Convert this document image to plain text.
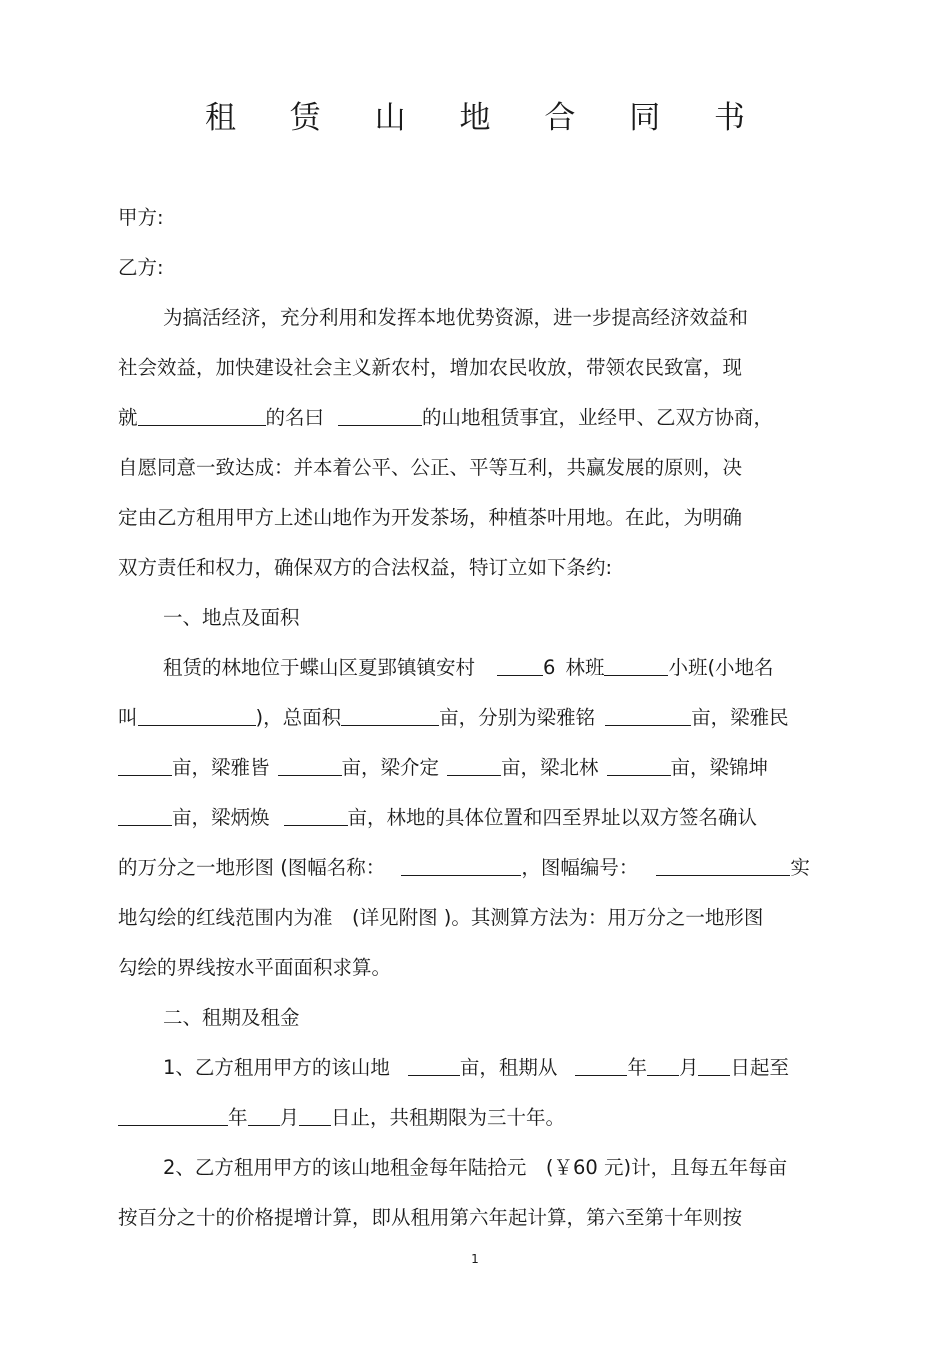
租 赁 山 地 合 同 书
甲方:
乙方:
为搞活经济，充分利用和发挥本地优势资源，进一步提高经济效益和
社会效益，加快建设社会主义新农村，增加农民收放，带领农民致富，现
就	的名曰	的山地租赁事宜，业经甲、乙双方协商，
自愿同意一致达成：并本着公平、公正、平等互利，共赢发展的原则，决
定由乙方租用甲方上述山地作为开发茶场，种植茶叶用地。在此，为明确
双方责任和权力，确保双方的合法权益，特订立如下条约:
一、地点及面积
租赁的林地位于蝶山区夏郢镇镇安村	6 林班	小班(小地名
叫	)，总面积	亩，分别为梁雅铭	亩，梁雅民
亩，梁雅皆	亩，梁介定	亩，梁北林	亩，梁锦坤
亩，梁炳焕	亩，林地的具体位置和四至界址以双方签名确认
的万分之一地形图 (图幅名称：	，图幅编号：	实
地勾绘的红线范围内为准　(详见附图 )。其测算方法为：用万分之一地形图
勾绘的界线按水平面面积求算。
二、租期及租金
1、乙方租用甲方的该山地	亩，租期从	年 月 日起至
年 月 日止，共租期限为三十年。
2、乙方租用甲方的该山地租金每年陆拾元　(￥60 元)计，且每五年每亩
按百分之十的价格提增计算，即从租用第六年起计算，第六至第十年则按
1
